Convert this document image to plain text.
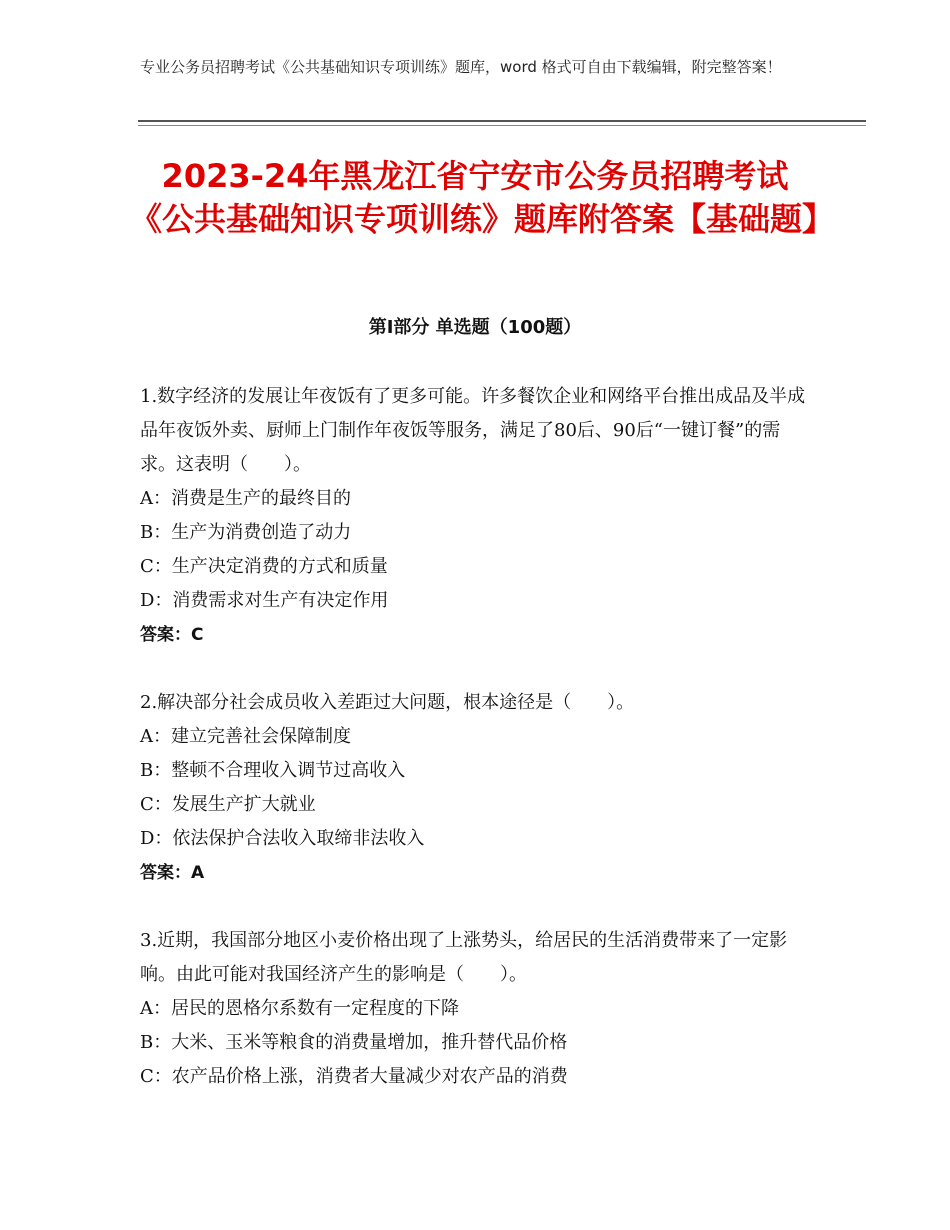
专业公务员招聘考试《公共基础知识专项训练》题库，word 格式可自由下载编辑，附完整答案！
2023-24年黑龙江省宁安市公务员招聘考试《公共基础知识专项训练》题库附答案【基础题】
第Ⅰ部分 单选题（100题）
1.数字经济的发展让年夜饭有了更多可能。许多餐饮企业和网络平台推出成品及半成品年夜饭外卖、厨师上门制作年夜饭等服务，满足了80后、90后“一键订餐”的需求。这表明（　　）。
A：消费是生产的最终目的
B：生产为消费创造了动力
C：生产决定消费的方式和质量
D：消费需求对生产有决定作用
答案：C
2.解决部分社会成员收入差距过大问题，根本途径是（　　）。
A：建立完善社会保障制度
B：整顿不合理收入调节过高收入
C：发展生产扩大就业
D：依法保护合法收入取缔非法收入
答案：A
3.近期，我国部分地区小麦价格出现了上涨势头，给居民的生活消费带来了一定影响。由此可能对我国经济产生的影响是（　　）。
A：居民的恩格尔系数有一定程度的下降
B：大米、玉米等粮食的消费量增加，推升替代品价格
C：农产品价格上涨，消费者大量减少对农产品的消费
